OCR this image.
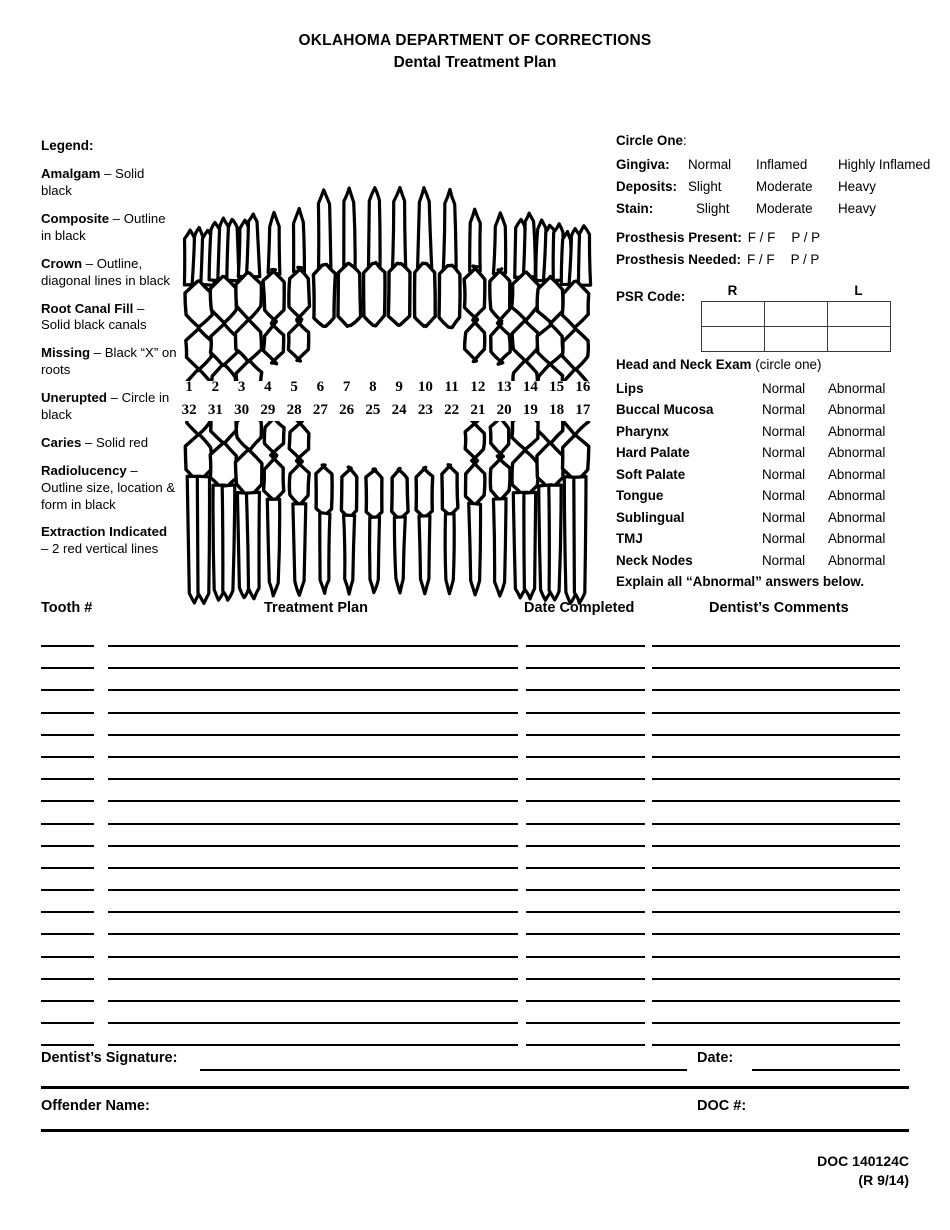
OKLAHOMA DEPARTMENT OF CORRECTIONS
Dental Treatment Plan
Legend:
Amalgam – Solid black
Composite – Outline in black
Crown – Outline, diagonal lines in black
Root Canal Fill – Solid black canals
Missing – Black “X” on roots
Unerupted – Circle in black
Caries – Solid red
Radiolucency – Outline size, location & form in black
Extraction Indicated – 2 red vertical lines
1	2	3	4	5	6	7	8	9	10 11 12 13 14 15 16
32 31 30 29 28 27 26 25 24 23 22 21 20 19 18 17
Circle One:
Gingiva:	Normal	Inflamed	Highly Inflamed
Deposits: Slight	Moderate	Heavy
Stain:	Slight	Moderate	Heavy
Prosthesis Present: F / F P / P
Prosthesis Needed: F / F P / P
PSR Code:	R	L

Head and Neck Exam (circle one)
Lips	Normal	Abnormal
Buccal Mucosa	Normal	Abnormal
Pharynx	Normal	Abnormal
Hard Palate	Normal	Abnormal
Soft Palate	Normal	Abnormal
Tongue	Normal	Abnormal
Sublingual	Normal	Abnormal
TMJ	Normal	Abnormal
Neck Nodes	Normal	Abnormal
Explain all “Abnormal” answers below.
Tooth #	Treatment Plan	Date Completed	Dentist’s Comments
Dentist’s Signature:	Date:
Offender Name:	DOC #:
DOC 140124C
(R 9/14)
